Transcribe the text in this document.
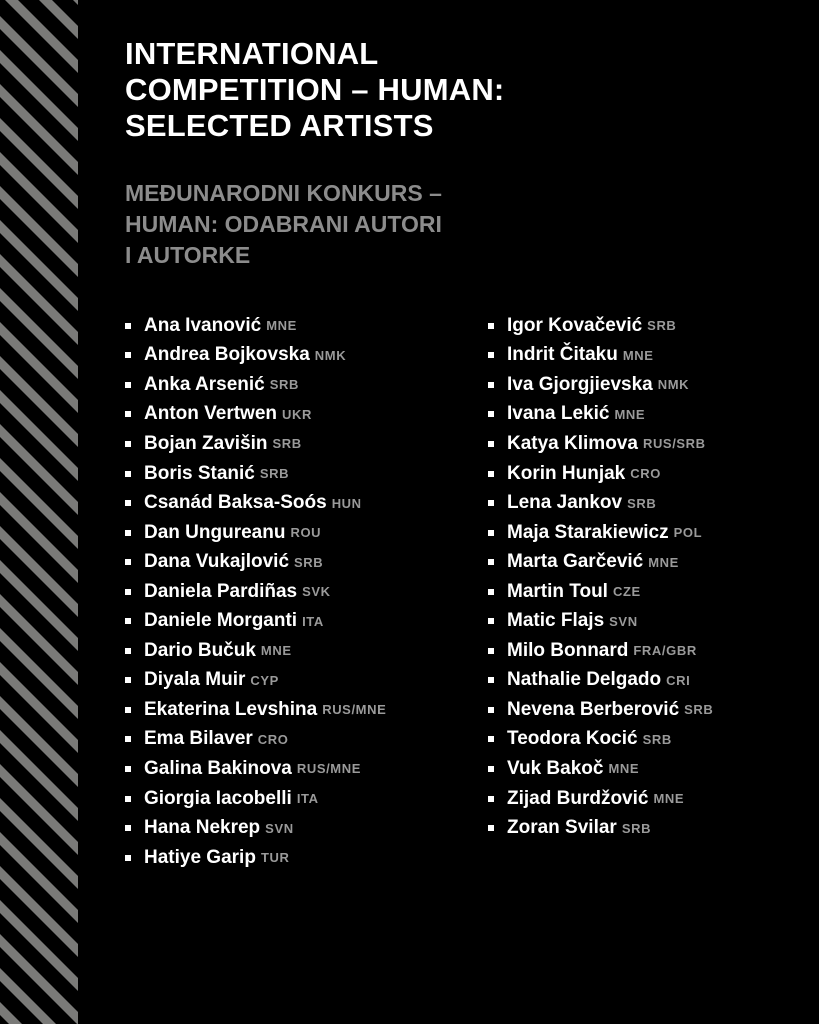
INTERNATIONAL
COMPETITION – HUMAN:
SELECTED ARTISTS
MEĐUNARODNI KONKURS –
HUMAN: ODABRANI AUTORI
I AUTORKE
Ana Ivanović MNE
Andrea Bojkovska NMK
Anka Arsenić SRB
Anton Vertwen UKR
Bojan Zavišin SRB
Boris Stanić SRB
Csanád Baksa-Soós HUN
Dan Ungureanu ROU
Dana Vukajlović SRB
Daniela Pardiñas SVK
Daniele Morganti ITA
Dario Bučuk MNE
Diyala Muir CYP
Ekaterina Levshina RUS/MNE
Ema Bilaver CRO
Galina Bakinova RUS/MNE
Giorgia Iacobelli ITA
Hana Nekrep SVN
Hatiye Garip TUR
Igor Kovačević SRB
Indrit Čitaku MNE
Iva Gjorgjievska NMK
Ivana Lekić MNE
Katya Klimova RUS/SRB
Korin Hunjak CRO
Lena Jankov SRB
Maja Starakiewicz POL
Marta Garčević MNE
Martin Toul CZE
Matic Flajs SVN
Milo Bonnard FRA/GBR
Nathalie Delgado CRI
Nevena Berberović SRB
Teodora Kocić SRB
Vuk Bakoč MNE
Zijad Burdžović MNE
Zoran Svilar SRB
